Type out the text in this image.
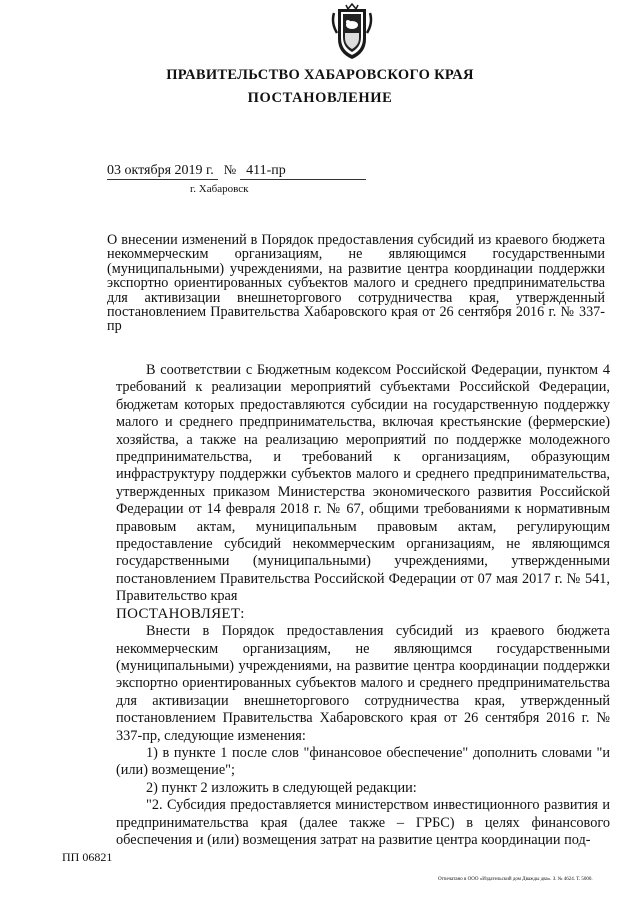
ПРАВИТЕЛЬСТВО ХАБАРОВСКОГО КРАЯ
ПОСТАНОВЛЕНИЕ
03 октября 2019 г. № 411-пр
г. Хабаровск
О внесении изменений в Порядок предоставления субсидий из краевого бюджета некоммерческим организациям, не являющимся государственными (муниципальными) учреждениями, на развитие центра координации поддержки экспортно ориентированных субъектов малого и среднего предпринимательства для активизации внешнеторгового сотрудничества края, утвержденный постановлением Правительства Хабаровского края от 26 сентября 2016 г. № 337-пр

В соответствии с Бюджетным кодексом Российской Федерации, пунктом 4 требований к реализации мероприятий субъектами Российской Федерации, бюджетам которых предоставляются субсидии на государственную поддержку малого и среднего предпринимательства, включая крестьянские (фермерские) хозяйства, а также на реализацию мероприятий по поддержке молодежного предпринимательства, и требований к организациям, образующим инфраструктуру поддержки субъектов малого и среднего предпринимательства, утвержденных приказом Министерства экономического развития Российской Федерации от 14 февраля 2018 г. № 67, общими требованиями к нормативным правовым актам, муниципальным правовым актам, регулирующим предоставление субсидий некоммерческим организациям, не являющимся государственными (муниципальными) учреждениями, утвержденными постановлением Правительства Российской Федерации от 07 мая 2017 г. № 541, Правительство края

ПОСТАНОВЛЯЕТ:

Внести в Порядок предоставления субсидий из краевого бюджета некоммерческим организациям, не являющимся государственными (муниципальными) учреждениями, на развитие центра координации поддержки экспортно ориентированных субъектов малого и среднего предпринимательства для активизации внешнеторгового сотрудничества края, утвержденный постановлением Правительства Хабаровского края от 26 сентября 2016 г. № 337-пр, следующие изменения:

1) в пункте 1 после слов "финансовое обеспечение" дополнить словами "и (или) возмещение";

2) пункт 2 изложить в следующей редакции:

"2. Субсидия предоставляется министерством инвестиционного развития и предпринимательства края (далее также – ГРБС) в целях финансового обеспечения и (или) возмещения затрат на развитие центра координации под-

ПП 06821
Отпечатано в ООО «Издательский дом Дважды два». З. № 4624. Т. 5000.
